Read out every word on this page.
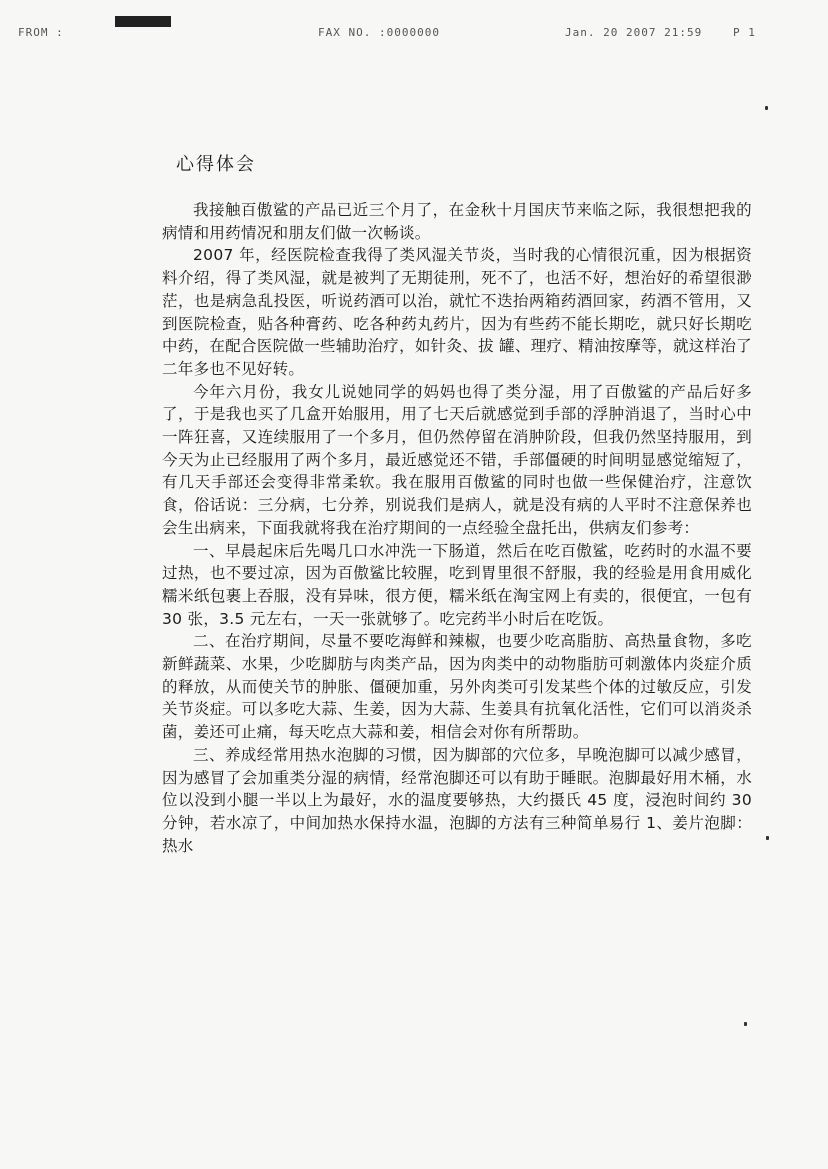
FROM :	FAX NO. :0000000	Jan. 20 2007 21:59	P 1
心得体会

我接触百傲鲨的产品已近三个月了，在金秋十月国庆节来临之际，我很想把我的病情和用药情况和朋友们做一次畅谈。

2007 年，经医院检查我得了类风湿关节炎，当时我的心情很沉重，因为根据资料介绍，得了类风湿，就是被判了无期徒刑，死不了，也活不好，想治好的希望很渺茫，也是病急乱投医，听说药酒可以治，就忙不迭抬两箱药酒回家，药酒不管用，又到医院检查，贴各种膏药、吃各种药丸药片，因为有些药不能长期吃，就只好长期吃中药，在配合医院做一些辅助治疗，如针灸、拔 罐、理疗、精油按摩等，就这样治了二年多也不见好转。

今年六月份，我女儿说她同学的妈妈也得了类分湿，用了百傲鲨的产品后好多了，于是我也买了几盒开始服用，用了七天后就感觉到手部的浮肿消退了，当时心中一阵狂喜，又连续服用了一个多月，但仍然停留在消肿阶段，但我仍然坚持服用，到今天为止已经服用了两个多月，最近感觉还不错，手部僵硬的时间明显感觉缩短了，有几天手部还会变得非常柔软。我在服用百傲鲨的同时也做一些保健治疗，注意饮食，俗话说：三分病，七分养，别说我们是病人，就是没有病的人平时不注意保养也会生出病来，下面我就将我在治疗期间的一点经验全盘托出，供病友们参考：

一、早晨起床后先喝几口水冲洗一下肠道，然后在吃百傲鲨，吃药时的水温不要过热，也不要过凉，因为百傲鲨比较腥，吃到胃里很不舒服，我的经验是用食用威化糯米纸包裹上吞服，没有异味，很方便，糯米纸在淘宝网上有卖的，很便宜，一包有 30 张，3.5 元左右，一天一张就够了。吃完药半小时后在吃饭。

二、在治疗期间，尽量不要吃海鲜和辣椒，也要少吃高脂肪、高热量食物，多吃新鲜蔬菜、水果，少吃脚肪与肉类产品，因为肉类中的动物脂肪可刺激体内炎症介质的释放，从而使关节的肿胀、僵硬加重，另外肉类可引发某些个体的过敏反应，引发关节炎症。可以多吃大蒜、生姜，因为大蒜、生姜具有抗氧化活性，它们可以消炎杀菌，姜还可止痛，每天吃点大蒜和姜，相信会对你有所帮助。

三、养成经常用热水泡脚的习惯，因为脚部的穴位多，早晚泡脚可以减少感冒，因为感冒了会加重类分湿的病情，经常泡脚还可以有助于睡眠。泡脚最好用木桶，水位以没到小腿一半以上为最好，水的温度要够热，大约摄氏 45 度，浸泡时间约 30 分钟，若水凉了，中间加热水保持水温，泡脚的方法有三种简单易行 1、姜片泡脚：热水
